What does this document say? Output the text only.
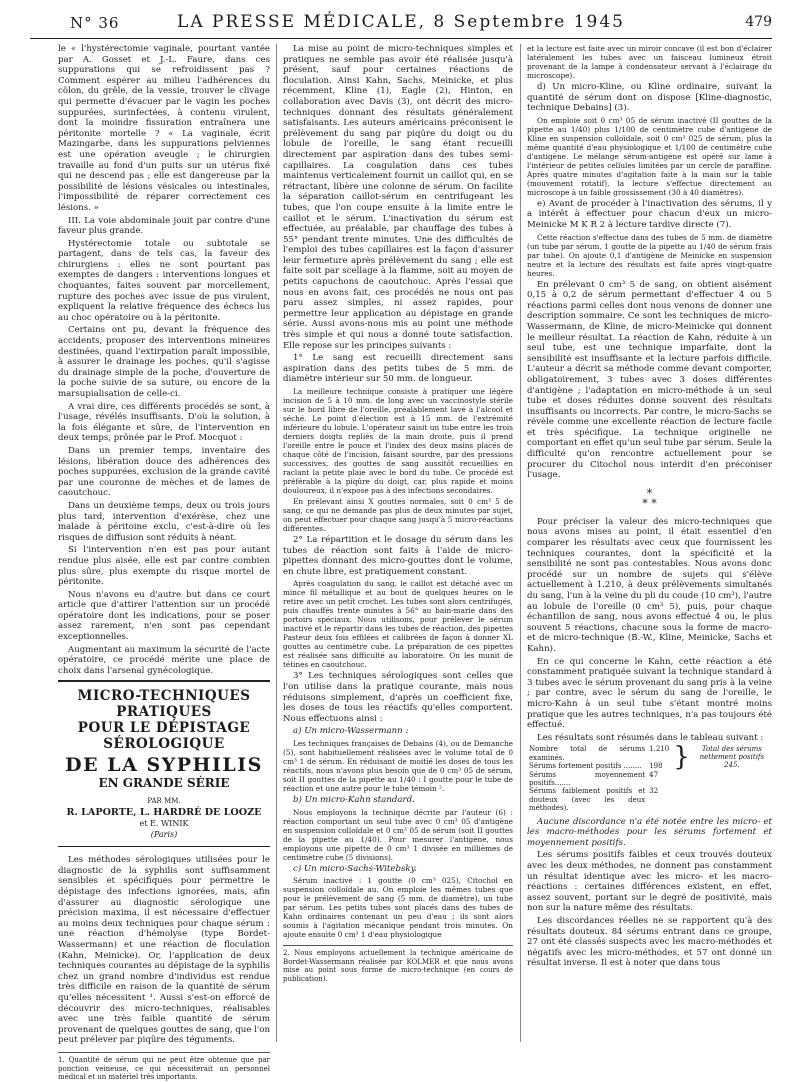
N° 36	LA PRESSE MÉDICALE, 8 Septembre 1945	479

le « l'hystérectomie vaginale, pourtant vantée par A. Gosset et J.-L. Faure, dans ces suppurations qui se refroidissent pas ? Comment espérer au milieu l'adhérences du côlon, du grêle, de la vessie, trouver le clivage qui permette d'évacuer par le vagin les poches suppurées, surinfectées, à contenu virulent, dont la moindre fissuration entraînera une péritonite mortelle ? « La vaginale, écrit Mazingarbe, dans les suppurations pelviennes est une opération aveugle ; le chirurgien travaille au fond d'un puits sur un utérus fixé qui ne descend pas ; elle est dangereuse par la possibilité de lésions vésicales ou intestinales, l'impossibilité de réparer correctement ces lésions. »

III. La voie abdominale jouit par contre d'une faveur plus grande.

Hystérectomie totale ou subtotale se partagent, dans de tels cas, la faveur des chirurgiens : elles ne sont pourtant pas exemptes de dangers : interventions longues et choquantes, faites souvent par morcellement, rupture des poches avec issue de pus virulent, expliquent la relative fréquence des échecs lus au choc opératoire ou à la péritonite.

Certains ont pu, devant la fréquence des accidents, proposer des interventions mineures destinées, quand l'extirpation paraît impossible, à assurer le drainage les poches, qu'il s'agisse du drainage simple de la poche, d'ouverture de la poche suivie de sa suture, ou encore de la marsupialisation de celle-ci.

A vrai dire, ces différents procédés se sont, à l'usage, révélés insuffisants. D'où la solution, à la fois élégante et sûre, de l'intervention en deux temps, prônée par le Prof. Mocquot :

Dans un premier temps, inventaire des lésions, libération douce des adhérences des poches suppurées, exclusion de la grande cavité par une couronne de mèches et de lames de caoutchouc.

Dans un deuxième temps, deux ou trois jours plus tard, intervention d'exérèse, chez une malade à péritoine exclu, c'est-à-dire où les risques de diffusion sont réduits à néant.

Si l'intervention n'en est pas pour autant rendue plus aisée, elle est par contre combien plus sûre, plus exempte du risque mortel de péritonite.

Nous n'avons eu d'autre but dans ce court article que d'attirer l'attention sur un procédé opératoire dont les indications, pour se poser assez rarement, n'en sont pas cependant exceptionnelles.

Augmentant au maximum la sécurité de l'acte opératoire, ce procédé mérite une place de choix dans l'arsenal gynécologique.

MICRO-TECHNIQUES PRATIQUES
POUR LE DÉPISTAGE SÉROLOGIQUE
DE LA SYPHILIS
EN GRANDE SÉRIE
PAR MM.
R. LAPORTE, L. HARDRÉ DE LOOZE
et E. WINIK
(Paris)

Les méthodes sérologiques utilisées pour le diagnostic de la syphilis sont suffisamment sensibles et spécifiques pour permettre le dépistage des infections ignorées, mais, afin d'assurer au diagnostic sérologique une précision maxima, il est nécessaire d'effectuer au moins deux techniques pour chaque sérum : une réaction d'hémolyse (type Bordet-Wassermann) et une réaction de floculation (Kahn, Meinicke). Or, l'application de deux techniques courantes au dépistage de la syphilis chez un grand nombre d'individus est rendue très difficile en raison de la quantité de sérum qu'elles nécessitent ¹. Aussi s'est-on efforcé de découvrir des micro-techniques, réalisables avec une très faible quantité de sérum provenant de quelques gouttes de sang, que l'on peut prélever par piqûre des téguments.

1. Quantité de sérum qui ne peut être obtenue que par ponction veineuse, ce qui nécessiterait un personnel médical et un matériel très importants.

La mise au point de micro-techniques simples et pratiques ne semble pas avoir été réalisée jusqu'à présent, sauf pour certaines réactions de floculation. Ainsi Kahn, Sachs, Meinicke, et plus récemment, Kline (1), Eagle (2), Hinton, en collaboration avec Davis (3), ont décrit des micro-techniques donnant des résultats généralement satisfaisants. Les auteurs américains préconisent le prélèvement du sang par piqûre du doigt ou du lobule de l'oreille, le sang étant recueilli directement par aspiration dans des tubes semi-capillaires. La coagulation dans ces tubes maintenus verticalement fournit un caillot qui, en se rétractant, libère une colonne de sérum. On facilite la séparation caillot-sérum en centrifugeant les tubes, que l'on coupe ensuite à la limite entre le caillot et le sérum. L'inactivation du sérum est effectuée, au préalable, par chauffage des tubes à 55° pendant trente minutes. Une des difficultés de l'emploi des tubes capillaires est la façon d'assurer leur fermeture après prélèvement du sang ; elle est faite soit par scellage à la flamme, soit au moyen de petits capuchons de caoutchouc. Après l'essai que nous en avons fait, ces procédés ne nous ont pas paru assez simples, ni assez rapides, pour permettre leur application au dépistage en grande série. Aussi avons-nous mis au point une méthode très simple et qui nous a donné toute satisfaction. Elle repose sur les principes suivants :

1° Le sang est recueilli directement sans aspiration dans des petits tubes de 5 mm. de diamètre intérieur sur 50 mm. de longueur.

La meilleure technique consiste à pratiquer une légère incision de 5 à 10 mm. de long avec un vaccinostyle stérile sur le bord libre de l'oreille, préalablement lavé à l'alcool et séché. Le point d'élection est à 15 mm. de l'extrémité inférieure du lobule. L'opérateur saisit un tube entre les trois derniers doigts repliés de la main droite, puis il prend l'oreille entre le pouce et l'index des deux mains placés de chaque côté de l'incision, faisant sourdre, par des pressions successives, des gouttes de sang aussitôt recueillies en raclant la petite plaie avec le bord du tube. Ce procédé est préférable à la piqûre du doigt, car, plus rapide et moins douloureux, il n'expose pas à des infections secondaires.

En prélevant ainsi X gouttes normales, soit 0 cm³ 5 de sang, ce qui ne demande pas plus de deux minutes par sujet, on peut effectuer pour chaque sang jusqu'à 5 micro-réactions différentes.

2° La répartition et le dosage du sérum dans les tubes de réaction sont faits à l'aide de micro-pipettes donnant des micro-gouttes dont le volume, en chute libre, est pratiquement constant.

Après coagulation du sang, le caillot est détaché avec un mince fil métallique et au bout de quelques heures on le retire avec un petit crochet. Les tubes sont alors centrifugés, puis chauffés trente minutes à 56° au bain-marie dans des portoirs spéciaux. Nous utilisons, pour prélever le sérum inactivé et le répartir dans les tubes de réaction, des pipettes Pasteur deux fois effilées et calibrées de façon à donner XL gouttes au centimètre cube. La préparation de ces pipettes est réalisée sans difficulté au laboratoire. On les munit de tétines en caoutchouc.

3° Les techniques sérologiques sont celles que l'on utilise dans la pratique courante, mais nous réduisons simplement, d'après un coefficient fixe, les doses de tous les réactifs qu'elles comportent. Nous effectuons ainsi :

a) Un micro-Wassermann :

Les techniques françaises de Debains (4), ou de Demanche (5), sont habituellement réalisées avec le volume total de 0 cm³ 1 de sérum. En réduisant de moitié les doses de tous les réactifs, nous n'avons plus besoin que de 0 cm³ 05 de sérum, soit II gouttes de la pipette au 1/40 : I goutte pour le tube de réaction et une autre pour le tube témoin ².

b) Un micro-Kahn standard.

Nous employons la technique décrite par l'auteur (6) : réaction comportant un seul tube avec 0 cm³ 05 d'antigène en suspension colloïdale et 0 cm³ 05 de sérum (soit II gouttes de la pipette au 1/40). Pour mesurer l'antigène, nous employons une pipette de 0 cm³ 1 divisée en millièmes de centimètre cube (5 divisions).

c) Un micro-Sachs-Witebsky.

Sérum inactivé : 1 goutte (0 cm³ 025), Citochol en suspension colloïdale au. On emploie les mêmes tubes que pour le prélèvement de sang (5 mm. de diamètre), un tube par sérum. Les petits tubes sont placés dans des tubes de Kahn ordinaires contenant un peu d'eau ; ils sont alors soumis à l'agitation mécanique pendant trois minutes. On ajoute ensuite 0 cm³ 1 d'eau physiologique

2. Nous employons actuellement la technique américaine de Bordet-Wassermann réalisée par KOLMER et que nous avons mise au point sous forme de micro-technique (en cours de publication).

et la lecture est faite avec un miroir concave (il est bon d'éclairer latéralement les tubes avec un faisceau lumineux étroit provenant de la lampe à condensateur servant à l'éclairage du microscope).

d) Un micro-Kline, ou Kline ordinaire, suivant la quantité de sérum dont on dispose [Kline-diagnostic, technique Debains] (3).

On emploie soit 0 cm³ 05 de sérum inactivé (II gouttes de la pipette au 1/40) plus 1/100 de centimètre cube d'antigène de Kline en suspension colloïdale, soit 0 cm³ 025 de sérum, plus la même quantité d'eau physiologique et 1/100 de centimètre cube d'antigène. Le mélange sérum-antigène est opéré sur lame à l'intérieur de petites cellules limitées par un cercle de paraffine. Après quatre minutes d'agitation faite à la main sur la table (mouvement rotatif), la lecture s'effectue directement au microscope à un faible grossissement (30 à 40 diamètres).

e) Avant de procéder à l'inactivation des sérums, il y a intérêt à effectuer pour chacun d'eux un micro-Meinicke M K R 2 à lecture tardive directe (7).

Cette réaction s'effectue dans des tubes de 5 mm. de diamètre (un tube par sérum, 1 goutte de la pipette au 1/40 de sérum frais par tube). On ajoute 0,1 d'antigène de Meinicke en suspension neutre et la lecture des résultats est faite après vingt-quatre heures.

En prélevant 0 cm³ 5 de sang, on obtient aisément 0,15 à 0,2 de sérum permettant d'effectuer 4 ou 5 réactions parmi celles dont nous venons de donner une description sommaire. Ce sont les techniques de micro-Wassermann, de Kline, de micro-Meinicke qui donnent le meilleur résultat. La réaction de Kahn, réduite à un seul tube, est une technique imparfaite, dont la sensibilité est insuffisante et la lecture parfois difficile. L'auteur a décrit sa méthode comme devant comporter, obligatoirement, 3 tubes avec 3 doses différentes d'antigène ; l'adaptation en micro-méthode à un seul tube et doses réduites donne souvent des résultats insuffisants ou incorrects. Par contre, le micro-Sachs se révèle comme une excellente réaction de lecture facile et très spécifique. La technique originelle ne comportant en effet qu'un seul tube par sérum. Seule la difficulté qu'on rencontre actuellement pour se procurer du Citochol nous interdit d'en préconiser l'usage.

*
* *

Pour préciser la valeur des micro-techniques que nous avons mises au point, il était essentiel d'en comparer les résultats avec ceux que fournissent les techniques courantes, dont la spécificité et la sensibilité ne sont pas contestables. Nous avons donc procédé sur un nombre de sujets qui s'élève actuellement à 1.210, à deux prélèvements simultanés du sang, l'un à la veine du pli du coude (10 cm³), l'autre au lobule de l'oreille (0 cm³ 5), puis, pour chaque échantillon de sang, nous avons effectué 4 ou, le plus souvent 5 réactions, chacune sous la forme de macro- et de micro-technique (B.-W., Kline, Meinicke, Sachs et Kahn).

En ce qui concerne le Kahn, cette réaction a été constamment pratiquée suivant la technique standard à 3 tubes avec le sérum provenant du sang pris à la veine ; par contre, avec le sérum du sang de l'oreille, le micro-Kahn à un seul tube s'étant montré moins pratique que les autres techniques, n'a pas toujours été effectué.

Les résultats sont résumés dans le tableau suivant :

Nombre total de sérums examinés.	1.210	}	Total des sérums nettement positifs 245.
Sérums fortement positifs ........	198		
Sérums moyennement positifs.......	47		
Sérums faiblement positifs et douteux (avec les deux méthodes).	32		

Aucune discordance n'a été notée entre les micro- et les macro-méthodes pour les sérums fortement et moyennement positifs.

Les sérums positifs faibles et ceux trouvés douteux avec les deux méthodes, ne donnent pas constamment un résultat identique avec les micro- et les macro-réactions : certaines différences existent, en effet, assez souvent, portant sur le degré de positivité, mais non sur la nature même des résultats.

Les discordances réelles ne se rapportent qu'à des résultats douteux. 84 sérums entrant dans ce groupe, 27 ont été classés suspects avec les macro-méthodes et négatifs avec les micro-méthodes, et 57 ont donné un résultat inverse. Il est à noter que dans tous
